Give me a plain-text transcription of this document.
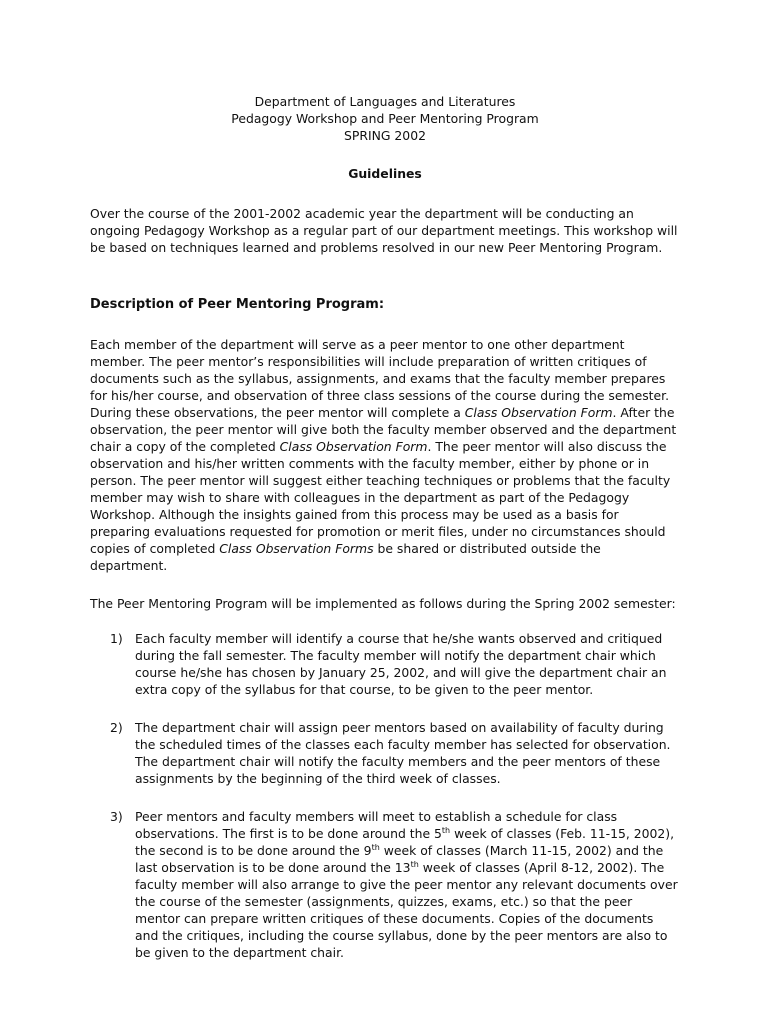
Department of Languages and Literatures

Pedagogy Workshop and Peer Mentoring Program

SPRING 2002

Guidelines

Over the course of the 2001-2002 academic year the department will be conducting an ongoing Pedagogy Workshop as a regular part of our department meetings. This workshop will be based on techniques learned and problems resolved in our new Peer Mentoring Program.

Description of Peer Mentoring Program:

Each member of the department will serve as a peer mentor to one other department member. The peer mentor’s responsibilities will include preparation of written critiques of documents such as the syllabus, assignments, and exams that the faculty member prepares for his/her course, and observation of three class sessions of the course during the semester. During these observations, the peer mentor will complete a Class Observation Form. After the observation, the peer mentor will give both the faculty member observed and the department chair a copy of the completed Class Observation Form. The peer mentor will also discuss the observation and his/her written comments with the faculty member, either by phone or in person. The peer mentor will suggest either teaching techniques or problems that the faculty member may wish to share with colleagues in the department as part of the Pedagogy Workshop. Although the insights gained from this process may be used as a basis for preparing evaluations requested for promotion or merit files, under no circumstances should copies of completed Class Observation Forms be shared or distributed outside the department.

The Peer Mentoring Program will be implemented as follows during the Spring 2002 semester:

1) Each faculty member will identify a course that he/she wants observed and critiqued during the fall semester. The faculty member will notify the department chair which course he/she has chosen by January 25, 2002, and will give the department chair an extra copy of the syllabus for that course, to be given to the peer mentor.
2) The department chair will assign peer mentors based on availability of faculty during the scheduled times of the classes each faculty member has selected for observation. The department chair will notify the faculty members and the peer mentors of these assignments by the beginning of the third week of classes.
3) Peer mentors and faculty members will meet to establish a schedule for class observations. The first is to be done around the 5th week of classes (Feb. 11-15, 2002), the second is to be done around the 9th week of classes (March 11-15, 2002) and the last observation is to be done around the 13th week of classes (April 8-12, 2002). The faculty member will also arrange to give the peer mentor any relevant documents over the course of the semester (assignments, quizzes, exams, etc.) so that the peer mentor can prepare written critiques of these documents. Copies of the documents and the critiques, including the course syllabus, done by the peer mentors are also to be given to the department chair.
